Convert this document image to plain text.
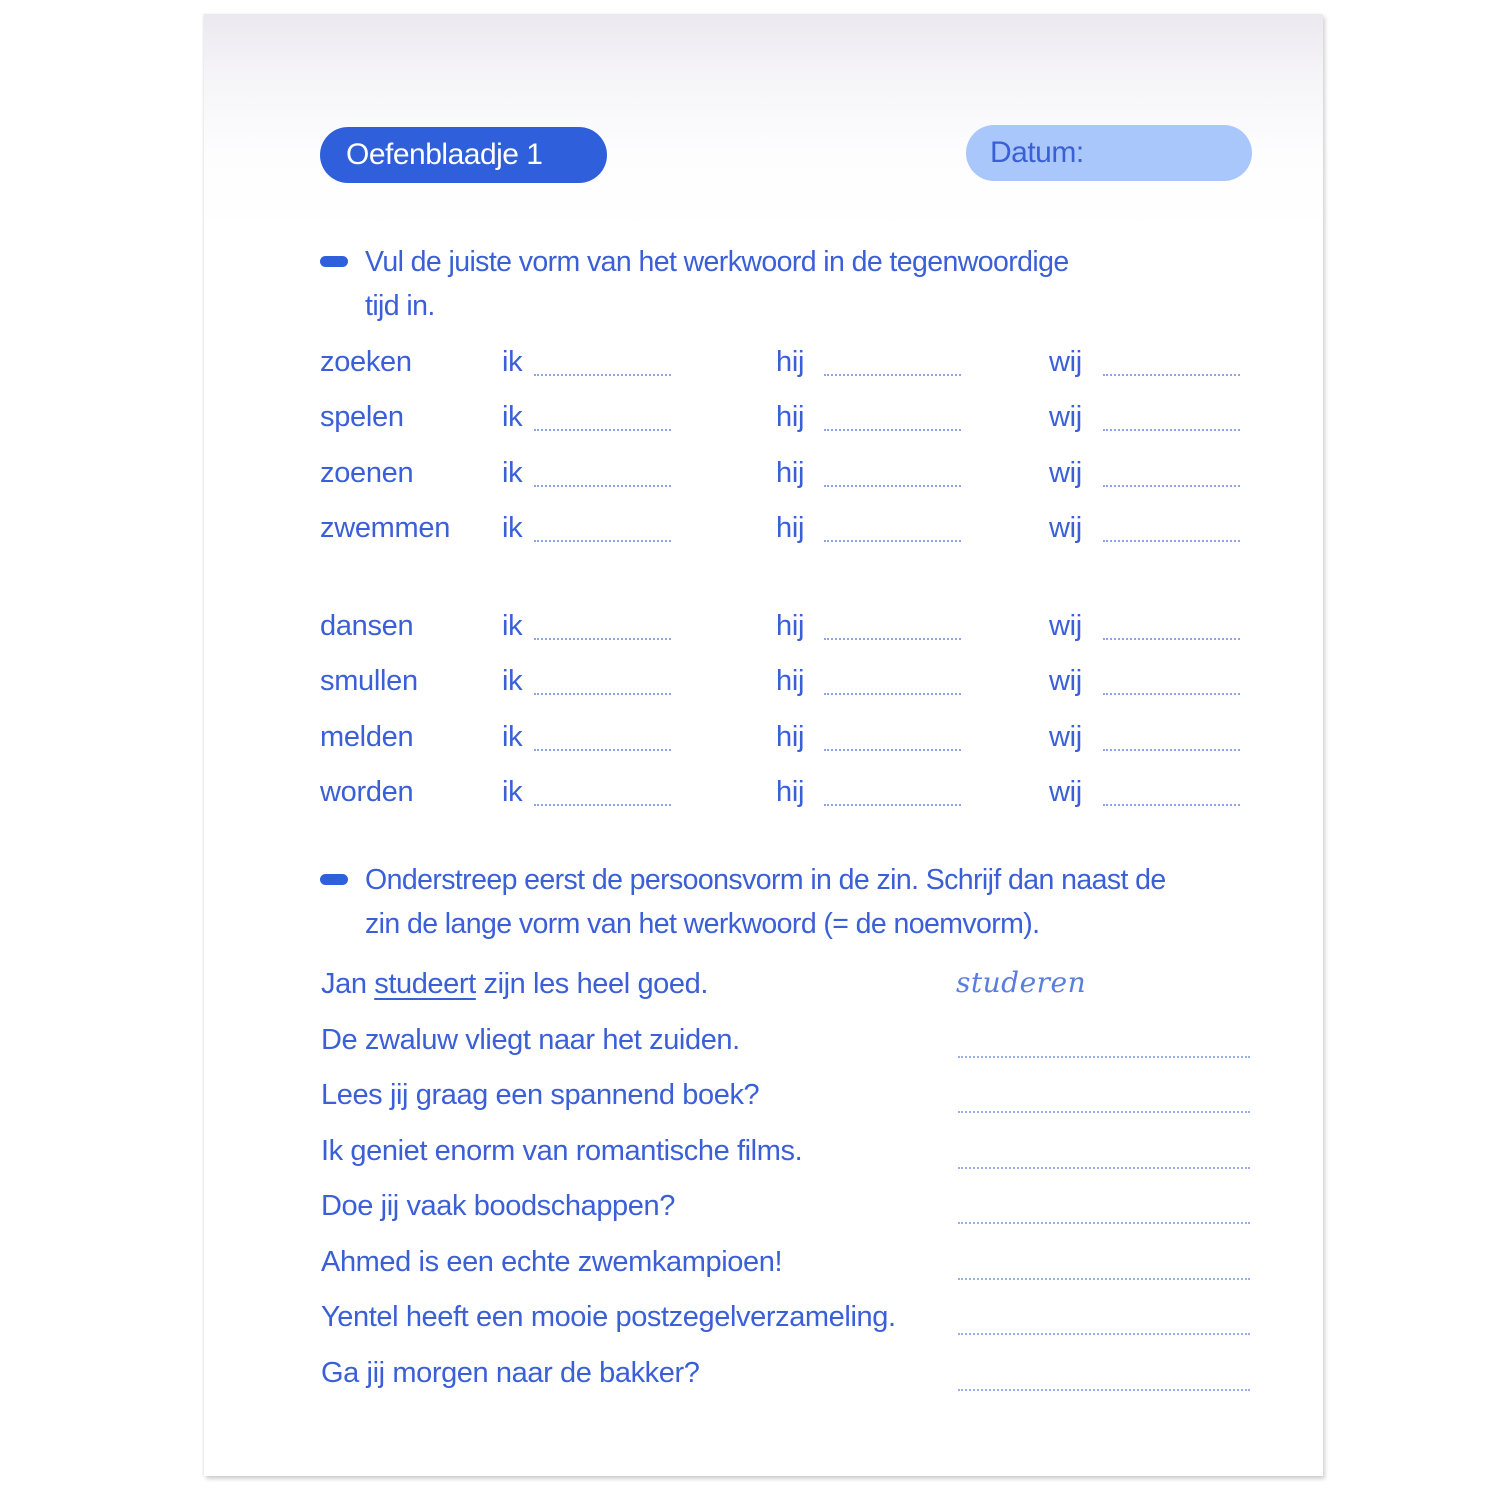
Oefenblaadje 1	Datum:
Vul de juiste vorm van het werkwoord in de tegenwoordige
tijd in.
zoeken	ik	hij	wij
spelen	ik	hij	wij
zoenen	ik	hij	wij
zwemmen ik	hij	wij
dansen	ik	hij	wij
smullen	ik	hij	wij
melden	ik	hij	wij
worden	ik	hij	wij
Onderstreep eerst de persoonsvorm in de zin. Schrijf dan naast de
zin de lange vorm van het werkwoord (= de noemvorm).
Jan studeert zijn les heel goed.	studeren
De zwaluw vliegt naar het zuiden.
Lees jij graag een spannend boek?
Ik geniet enorm van romantische films.
Doe jij vaak boodschappen?
Ahmed is een echte zwemkampioen!
Yentel heeft een mooie postzegelverzameling.
Ga jij morgen naar de bakker?
